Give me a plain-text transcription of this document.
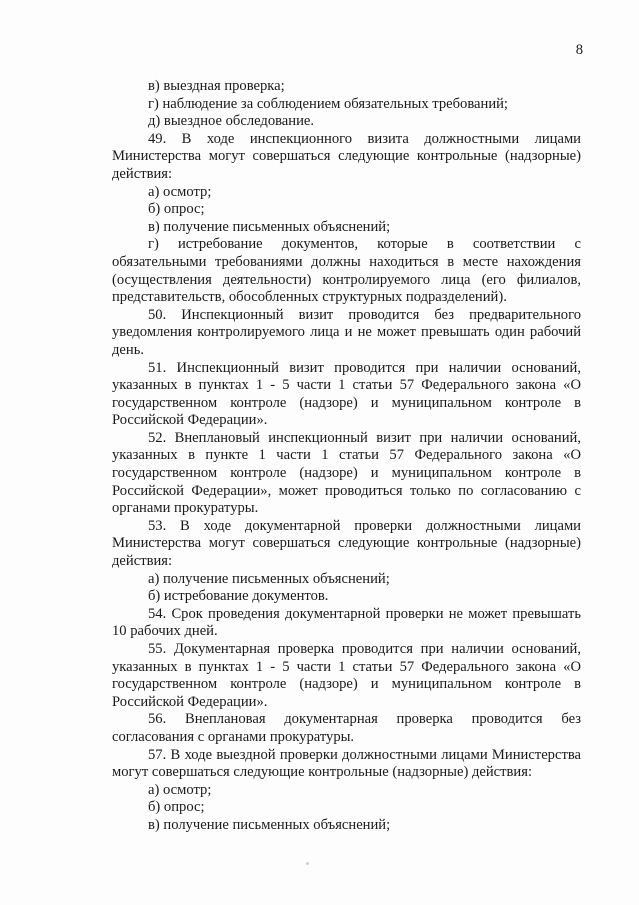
8
в) выездная проверка;
г) наблюдение за соблюдением обязательных требований;
д) выездное обследование.
49. В ходе инспекционного визита должностными лицами Министерства могут совершаться следующие контрольные (надзорные) действия:
а) осмотр;
б) опрос;
в) получение письменных объяснений;
г) истребование документов, которые в соответствии с обязательными требованиями должны находиться в месте нахождения (осуществления деятельности) контролируемого лица (его филиалов, представительств, обособленных структурных подразделений).
50. Инспекционный визит проводится без предварительного уведомления контролируемого лица и не может превышать один рабочий день.
51. Инспекционный визит проводится при наличии оснований, указанных в пунктах 1 - 5 части 1 статьи 57 Федерального закона «О государственном контроле (надзоре) и муниципальном контроле в Российской Федерации».
52. Внеплановый инспекционный визит при наличии оснований, указанных в пункте 1 части 1 статьи 57 Федерального закона «О государственном контроле (надзоре) и муниципальном контроле в Российской Федерации», может проводиться только по согласованию с органами прокуратуры.
53. В ходе документарной проверки должностными лицами Министерства могут совершаться следующие контрольные (надзорные) действия:
а) получение письменных объяснений;
б) истребование документов.
54. Срок проведения документарной проверки не может превышать 10 рабочих дней.
55. Документарная проверка проводится при наличии оснований, указанных в пунктах 1 - 5 части 1 статьи 57 Федерального закона «О государственном контроле (надзоре) и муниципальном контроле в Российской Федерации».
56. Внеплановая документарная проверка проводится без согласования с органами прокуратуры.
57. В ходе выездной проверки должностными лицами Министерства могут совершаться следующие контрольные (надзорные) действия:
а) осмотр;
б) опрос;
в) получение письменных объяснений;
